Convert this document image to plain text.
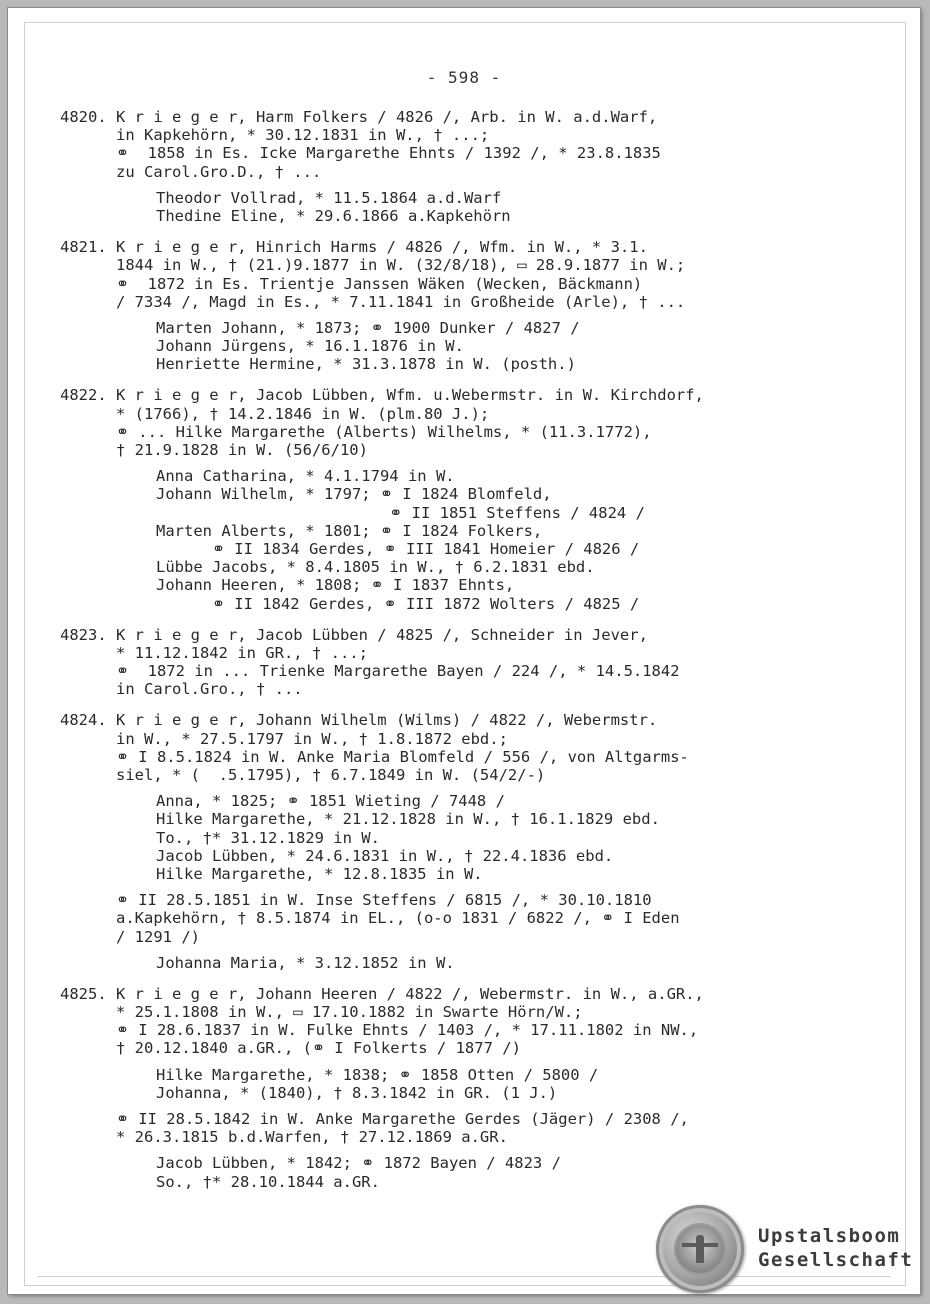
- 598 -
4820. K r i e g e r, Harm Folkers / 4826 /, Arb. in W. a.d.Warf,
in Kapkehörn, * 30.12.1831 in W., † ...;
⚭  1858 in Es. Icke Margarethe Ehnts / 1392 /, * 23.8.1835
zu Carol.Gro.D., † ...
Theodor Vollrad, * 11.5.1864 a.d.Warf
Thedine Eline, * 29.6.1866 a.Kapkehörn
4821. K r i e g e r, Hinrich Harms / 4826 /, Wfm. in W., * 3.1.
1844 in W., † (21.)9.1877 in W. (32/8/18), ▭ 28.9.1877 in W.;
⚭  1872 in Es. Trientje Janssen Wäken (Wecken, Bäckmann)
/ 7334 /, Magd in Es., * 7.11.1841 in Großheide (Arle), † ...
Marten Johann, * 1873; ⚭ 1900 Dunker / 4827 /
Johann Jürgens, * 16.1.1876 in W.
Henriette Hermine, * 31.3.1878 in W. (posth.)
4822. K r i e g e r, Jacob Lübben, Wfm. u.Webermstr. in W. Kirchdorf,
* (1766), † 14.2.1846 in W. (plm.80 J.);
⚭ ... Hilke Margarethe (Alberts) Wilhelms, * (11.3.1772),
† 21.9.1828 in W. (56/6/10)
Anna Catharina, * 4.1.1794 in W.
Johann Wilhelm, * 1797; ⚭ I 1824 Blomfeld,
⚭ II 1851 Steffens / 4824 /
Marten Alberts, * 1801; ⚭ I 1824 Folkers,
⚭ II 1834 Gerdes, ⚭ III 1841 Homeier / 4826 /
Lübbe Jacobs, * 8.4.1805 in W., † 6.2.1831 ebd.
Johann Heeren, * 1808; ⚭ I 1837 Ehnts,
⚭ II 1842 Gerdes, ⚭ III 1872 Wolters / 4825 /
4823. K r i e g e r, Jacob Lübben / 4825 /, Schneider in Jever,
* 11.12.1842 in GR., † ...;
⚭  1872 in ... Trienke Margarethe Bayen / 224 /, * 14.5.1842
in Carol.Gro., † ...
4824. K r i e g e r, Johann Wilhelm (Wilms) / 4822 /, Webermstr.
in W., * 27.5.1797 in W., † 1.8.1872 ebd.;
⚭ I 8.5.1824 in W. Anke Maria Blomfeld / 556 /, von Altgarms-
siel, * (  .5.1795), † 6.7.1849 in W. (54/2/-)
Anna, * 1825; ⚭ 1851 Wieting / 7448 /
Hilke Margarethe, * 21.12.1828 in W., † 16.1.1829 ebd.
To., †* 31.12.1829 in W.
Jacob Lübben, * 24.6.1831 in W., † 22.4.1836 ebd.
Hilke Margarethe, * 12.8.1835 in W.
⚭ II 28.5.1851 in W. Inse Steffens / 6815 /, * 30.10.1810
a.Kapkehörn, † 8.5.1874 in EL., (o-o 1831 / 6822 /, ⚭ I Eden
/ 1291 /)
Johanna Maria, * 3.12.1852 in W.
4825. K r i e g e r, Johann Heeren / 4822 /, Webermstr. in W., a.GR.,
* 25.1.1808 in W., ▭ 17.10.1882 in Swarte Hörn/W.;
⚭ I 28.6.1837 in W. Fulke Ehnts / 1403 /, * 17.11.1802 in NW.,
† 20.12.1840 a.GR., (⚭ I Folkerts / 1877 /)
Hilke Margarethe, * 1838; ⚭ 1858 Otten / 5800 /
Johanna, * (1840), † 8.3.1842 in GR. (1 J.)
⚭ II 28.5.1842 in W. Anke Margarethe Gerdes (Jäger) / 2308 /,
* 26.3.1815 b.d.Warfen, † 27.12.1869 a.GR.
Jacob Lübben, * 1842; ⚭ 1872 Bayen / 4823 /
So., †* 28.10.1844 a.GR.
Upstalsboom
Gesellschaft
